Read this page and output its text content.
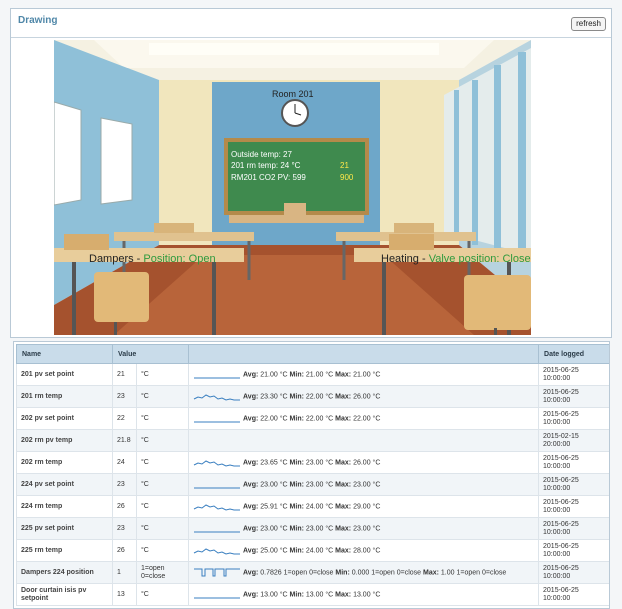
Drawing	refresh
Room 201
Outside temp: 27
201 rm temp: 24 °C	21
RM201 CO2 PV: 599	900
Dampers - Position: Open	Heating - Valve position: Close
Name	Value			Date logged
201 pv set point	21	°C	Avg: 21.00 °C Min: 21.00 °C Max: 21.00 °C	2015-06-25 10:00:00
201 rm temp	23	°C	Avg: 23.30 °C Min: 22.00 °C Max: 26.00 °C	2015-06-25 10:00:00
202 pv set point	22	°C	Avg: 22.00 °C Min: 22.00 °C Max: 22.00 °C	2015-06-25 10:00:00
202 rm pv temp	21.8	°C		2015-02-15 20:00:00
202 rm temp	24	°C	Avg: 23.65 °C Min: 23.00 °C Max: 26.00 °C	2015-06-25 10:00:00
224 pv set point	23	°C	Avg: 23.00 °C Min: 23.00 °C Max: 23.00 °C	2015-06-25 10:00:00
224 rm temp	26	°C	Avg: 25.91 °C Min: 24.00 °C Max: 29.00 °C	2015-06-25 10:00:00
225 pv set point	23	°C	Avg: 23.00 °C Min: 23.00 °C Max: 23.00 °C	2015-06-25 10:00:00
225 rm temp	26	°C	Avg: 25.00 °C Min: 24.00 °C Max: 28.00 °C	2015-06-25 10:00:00
Dampers 224 position	1	1=open 0=close	Avg: 0.7826 1=open 0=close Min: 0.000 1=open 0=close Max: 1.00 1=open 0=close	2015-06-25 10:00:00
Door curtain isis pv setpoint	13	°C	Avg: 13.00 °C Min: 13.00 °C Max: 13.00 °C	2015-06-25 10:00:00
